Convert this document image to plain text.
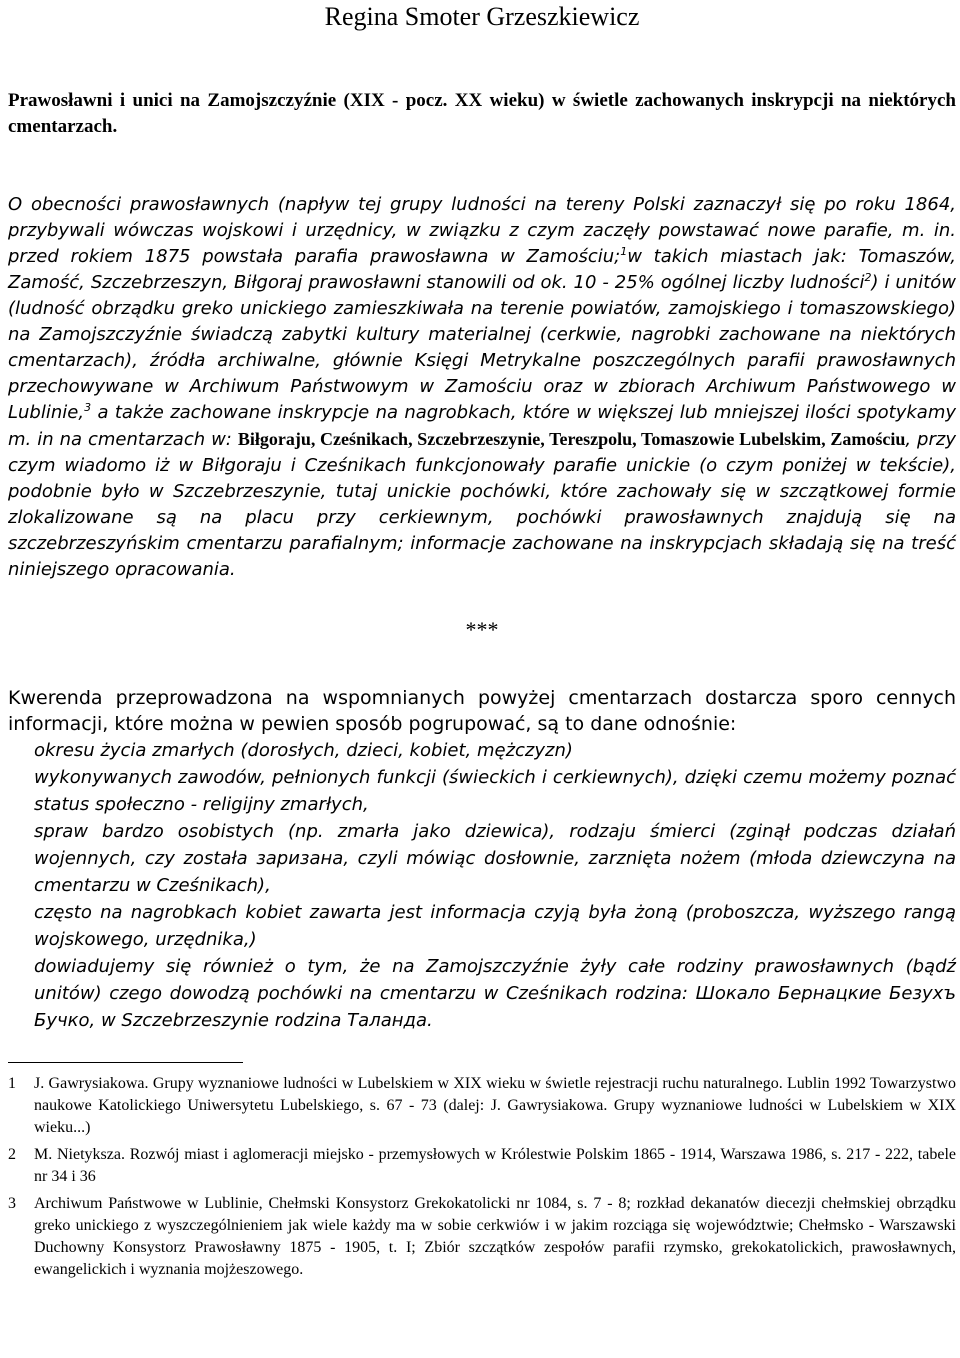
Regina Smoter Grzeszkiewicz
Prawosławni i unici na Zamojszczyźnie (XIX - pocz. XX wieku) w świetle zachowanych inskrypcji na niektórych cmentarzach.

O obecności prawosławnych (napływ tej grupy ludności na tereny Polski zaznaczył się po roku 1864, przybywali wówczas wojskowi i urzędnicy, w związku z czym zaczęły powstawać nowe parafie, m. in. przed rokiem 1875 powstała parafia prawosławna w Zamościu;$^1$w takich miastach jak: Tomaszów, Zamość, Szczebrzeszyn, Biłgoraj prawosławni stanowili od ok. 10 - 25% ogólnej liczby ludności$^2$) i unitów (ludność obrządku greko unickiego zamieszkiwała na terenie powiatów, zamojskiego i tomaszowskiego) na Zamojszczyźnie świadczą zabytki kultury materialnej (cerkwie, nagrobki zachowane na niektórych cmentarzach), źródła archiwalne, głównie Księgi Metrykalne poszczególnych parafii prawosławnych przechowywane w Archiwum Państwowym w Zamościu oraz w zbiorach Archiwum Państwowego w Lublinie,$^3$ a także zachowane inskrypcje na nagrobkach, które w większej lub mniejszej ilości spotykamy m. in na cmentarzach w: Biłgoraju, Cześnikach, Szczebrzeszynie, Tereszpolu, Tomaszowie Lubelskim, Zamościu, przy czym wiadomo iż w Biłgoraju i Cześnikach funkcjonowały parafie unickie (o czym poniżej w tekście), podobnie było w Szczebrzeszynie, tutaj unickie pochówki, które zachowały się w szczątkowej formie zlokalizowane są na placu przy cerkiewnym, pochówki prawosławnych znajdują się na szczebrzeszyńskim cmentarzu parafialnym; informacje zachowane na inskrypcjach składają się na treść niniejszego opracowania.

***

Kwerenda przeprowadzona na wspomnianych powyżej cmentarzach dostarcza sporo cennych informacji, które można w pewien sposób pogrupować, są to dane odnośnie:

okresu życia zmarłych (dorosłych, dzieci, kobiet, mężczyzn)
wykonywanych zawodów, pełnionych funkcji (świeckich i cerkiewnych), dzięki czemu możemy poznać status społeczno - religijny zmarłych,
spraw bardzo osobistych (np. zmarła jako dziewica), rodzaju śmierci (zginął podczas działań wojennych, czy została заризана, czyli mówiąc dosłownie, zarznięta nożem (młoda dziewczyna na cmentarzu w Cześnikach),
często na nagrobkach kobiet zawarta jest informacja czyją była żoną (proboszcza, wyższego rangą wojskowego, urzędnika,)
dowiadujemy się również o tym, że na Zamojszczyźnie żyły całe rodziny prawosławnych (bądź unitów) czego dowodzą pochówki na cmentarzu w Cześnikach rodzina: Шокало Бернацкие Безухъ Бучко, w Szczebrzeszynie rodzina Таланда.
1	J. Gawrysiakowa. Grupy wyznaniowe ludności w Lubelskiem w XIX wieku w świetle rejestracji ruchu naturalnego. Lublin 1992 Towarzystwo naukowe Katolickiego Uniwersytetu Lubelskiego, s. 67 - 73 (dalej: J. Gawrysiakowa. Grupy wyznaniowe ludności w Lubelskiem w XIX wieku...)
2	M. Nietyksza. Rozwój miast i aglomeracji miejsko - przemysłowych w Królestwie Polskim 1865 - 1914, Warszawa 1986, s. 217 - 222, tabele nr 34 i 36
3	Archiwum Państwowe w Lublinie, Chełmski Konsystorz Grekokatolicki nr 1084, s. 7 - 8; rozkład dekanatów diecezji chełmskiej obrządku greko unickiego z wyszczególnieniem jak wiele każdy ma w sobie cerkwiów i w jakim rozciąga się województwie; Chełmsko - Warszawski Duchowny Konsystorz Prawosławny 1875 - 1905, t. I; Zbiór szczątków zespołów parafii rzymsko, grekokatolickich, prawosławnych, ewangelickich i wyznania mojżeszowego.
